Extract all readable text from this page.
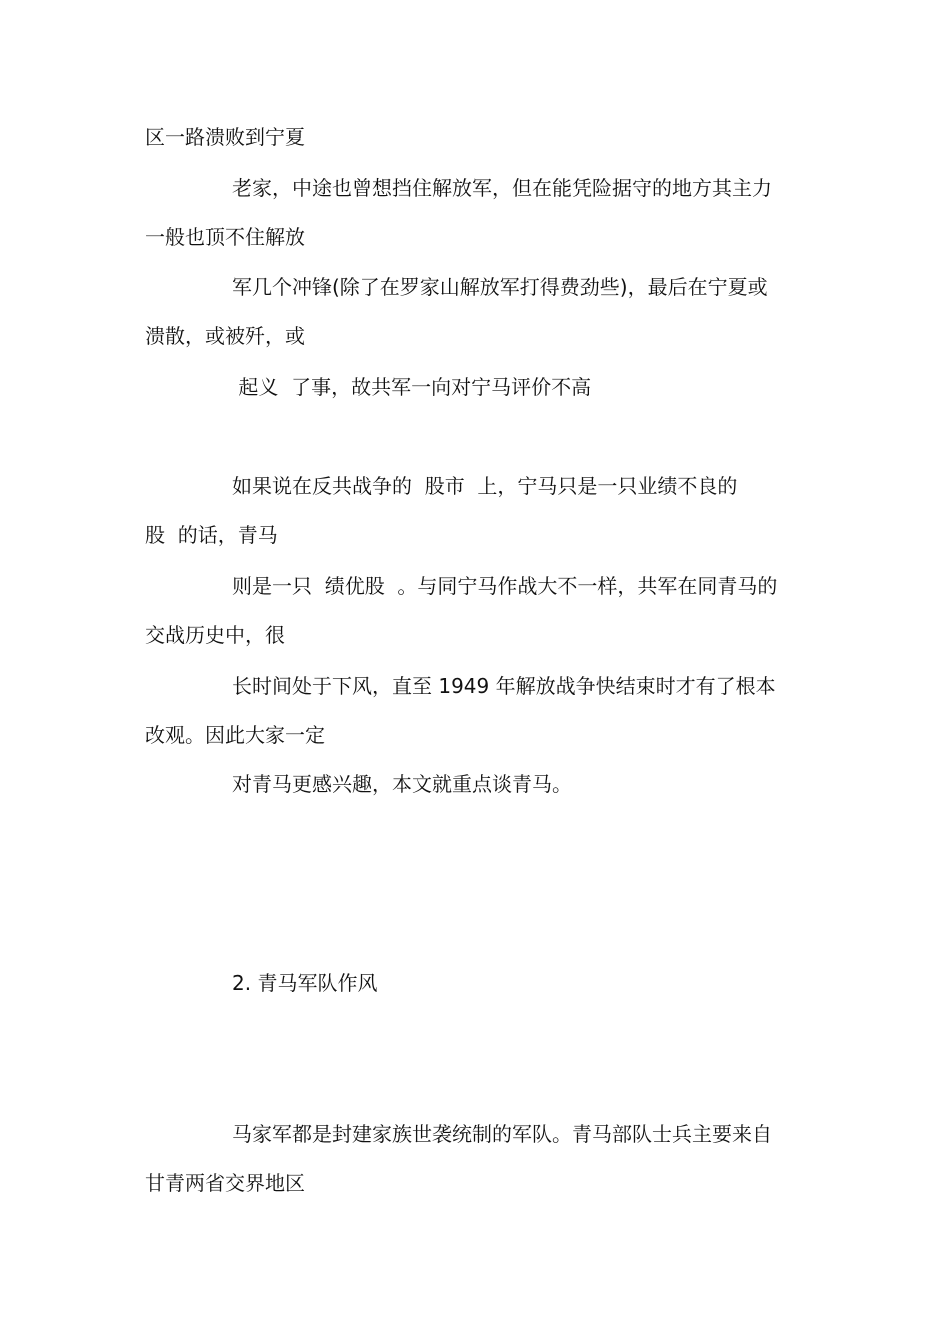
区一路溃败到宁夏

老家，中途也曾想挡住解放军，但在能凭险据守的地方其主力

一般也顶不住解放

军几个冲锋(除了在罗家山解放军打得费劲些)，最后在宁夏或

溃散，或被歼，或

起义  了事，故共军一向对宁马评价不高

如果说在反共战争的  股市  上，宁马只是一只业绩不良的

股  的话，青马

则是一只  绩优股  。与同宁马作战大不一样，共军在同青马的

交战历史中，很

长时间处于下风，直至 1949 年解放战争快结束时才有了根本

改观。因此大家一定

对青马更感兴趣，本文就重点谈青马。

2. 青马军队作风

马家军都是封建家族世袭统制的军队。青马部队士兵主要来自

甘青两省交界地区
